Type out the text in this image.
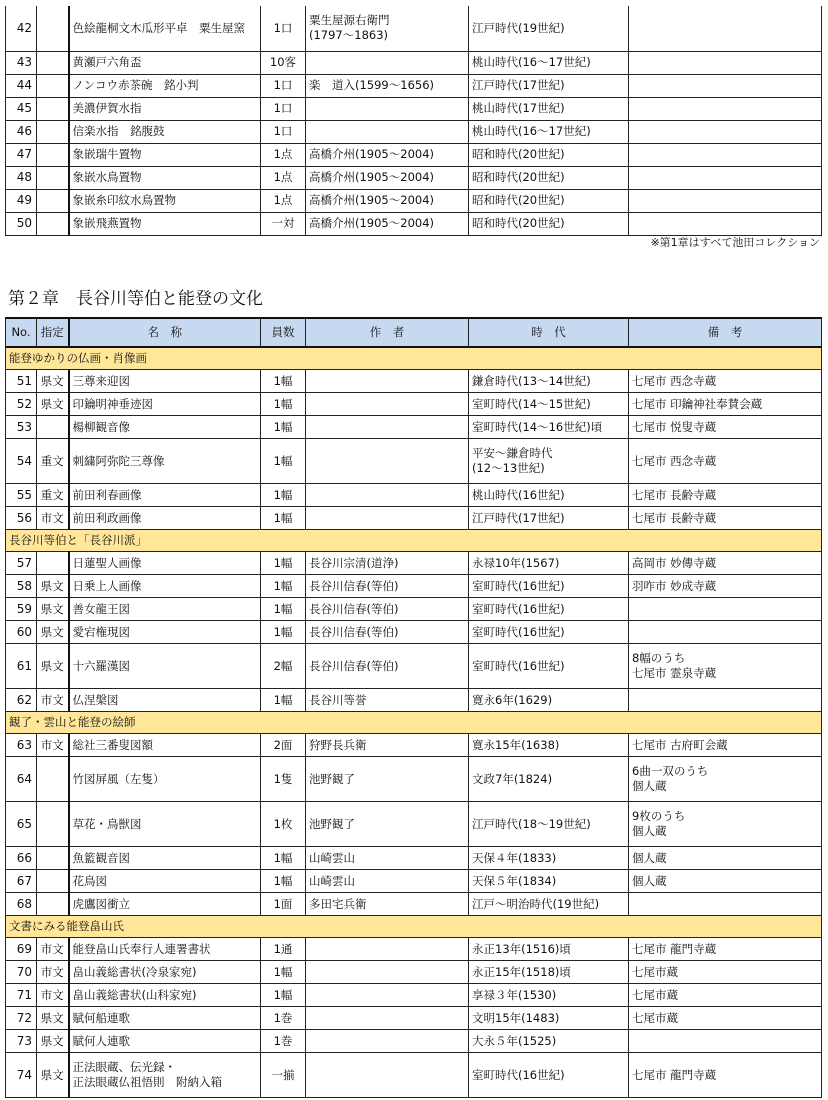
42		色絵龍桐文木瓜形平卓　粟生屋窯	1口	粟生屋源右衛門
(1797～1863)	江戸時代(19世紀)	
43		黄瀬戸六角盃	10客		桃山時代(16～17世紀)	
44		ノンコウ赤茶碗　銘小判	1口	楽　道入(1599～1656)	江戸時代(17世紀)	
45		美濃伊賀水指	1口		桃山時代(17世紀)	
46		信楽水指　銘腹鼓	1口		桃山時代(16～17世紀)	
47		象嵌瑞牛置物	1点	高橋介州(1905～2004)	昭和時代(20世紀)	
48		象嵌水鳥置物	1点	高橋介州(1905～2004)	昭和時代(20世紀)	
49		象嵌糸印紋水鳥置物	1点	高橋介州(1905～2004)	昭和時代(20世紀)	
50		象嵌飛燕置物	一対	高橋介州(1905～2004)	昭和時代(20世紀)	
※第1章はすべて池田コレクション
第２章　長谷川等伯と能登の文化
No.	指定	名　称	員数	作　者	時　代	備　考
能登ゆかりの仏画・肖像画						
51	県文	三尊来迎図	1幅		鎌倉時代(13～14世紀)	七尾市 西念寺蔵
52	県文	印鑰明神垂迹図	1幅		室町時代(14～15世紀)	七尾市 印鑰神社奉賛会蔵
53		楊柳観音像	1幅		室町時代(14～16世紀)頃	七尾市 悦叟寺蔵
54	重文	刺繍阿弥陀三尊像	1幅		平安～鎌倉時代
(12～13世紀)	七尾市 西念寺蔵
55	重文	前田利春画像	1幅		桃山時代(16世紀)	七尾市 長齢寺蔵
56	市文	前田利政画像	1幅		江戸時代(17世紀)	七尾市 長齢寺蔵
長谷川等伯と「長谷川派」						
57		日蓮聖人画像	1幅	長谷川宗清(道浄)	永禄10年(1567)	高岡市 妙傳寺蔵
58	県文	日乗上人画像	1幅	長谷川信春(等伯)	室町時代(16世紀)	羽咋市 妙成寺蔵
59	県文	善女龍王図	1幅	長谷川信春(等伯)	室町時代(16世紀)	
60	県文	愛宕権現図	1幅	長谷川信春(等伯)	室町時代(16世紀)	
61	県文	十六羅漢図	2幅	長谷川信春(等伯)	室町時代(16世紀)	8幅のうち
七尾市 霊泉寺蔵
62	市文	仏涅槃図	1幅	長谷川等誉	寛永6年(1629)	
観了・雲山と能登の絵師						
63	市文	総社三番叟図額	2面	狩野長兵衛	寛永15年(1638)	七尾市 古府町会蔵
64		竹図屏風（左隻）	1隻	池野観了	文政7年(1824)	6曲一双のうち
個人蔵
65		草花・鳥獣図	1枚	池野観了	江戸時代(18～19世紀)	9枚のうち
個人蔵
66		魚籃観音図	1幅	山崎雲山	天保４年(1833)	個人蔵
67		花鳥図	1幅	山崎雲山	天保５年(1834)	個人蔵
68		虎鷹図衝立	1面	多田宅兵衛	江戸～明治時代(19世紀)	
文書にみる能登畠山氏						
69	市文	能登畠山氏奉行人連署書状	1通		永正13年(1516)頃	七尾市 龍門寺蔵
70	市文	畠山義総書状(冷泉家宛)	1幅		永正15年(1518)頃	七尾市蔵
71	市文	畠山義総書状(山科家宛)	1幅		享禄３年(1530)	七尾市蔵
72	県文	賦何船連歌	1巻		文明15年(1483)	七尾市蔵
73	県文	賦何人連歌	1巻		大永５年(1525)	
74	県文	正法眼蔵、伝光録・
正法眼蔵仏祖悟則　附納入箱	一揃		室町時代(16世紀)	七尾市 龍門寺蔵
